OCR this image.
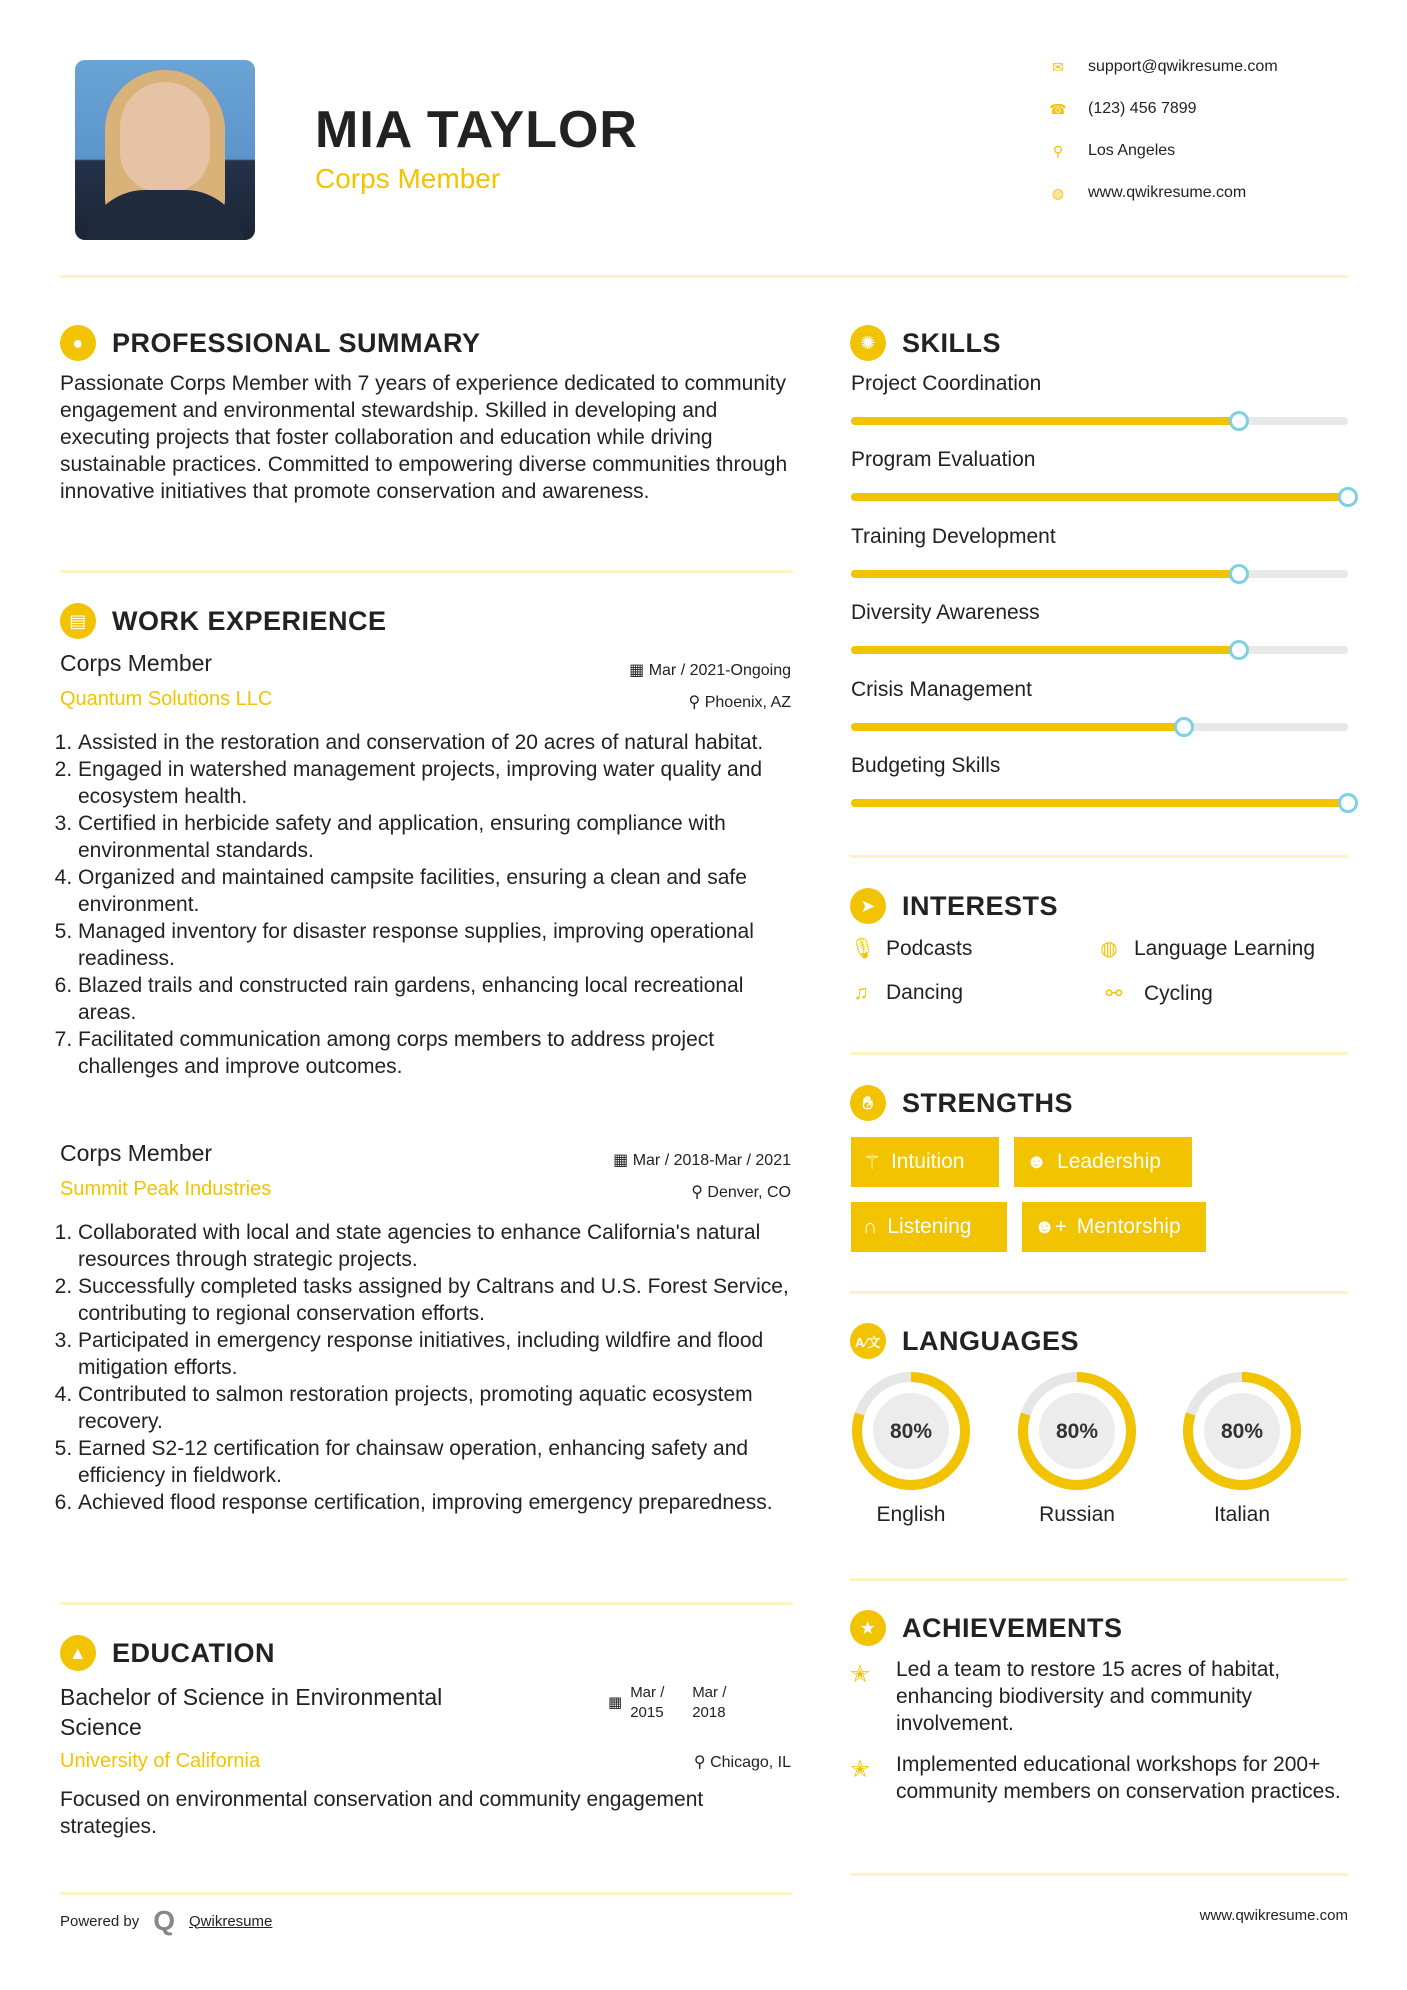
MIA TAYLOR
Corps Member
✉ support@qwikresume.com
☎ (123) 456 7899
⚲ Los Angeles
◍ www.qwikresume.com
●	PROFESSIONAL SUMMARY
Passionate Corps Member with 7 years of experience dedicated to community engagement and environmental stewardship. Skilled in developing and executing projects that foster collaboration and education while driving sustainable practices. Committed to empowering diverse communities through innovative initiatives that promote conservation and awareness.
▤ WORK EXPERIENCE
Corps Member	▦ Mar / 2021-Ongoing
Quantum Solutions LLC	⚲ Phoenix, AZ
1. Assisted in the restoration and conservation of 20 acres of natural habitat.
2. Engaged in watershed management projects, improving water quality and ecosystem health.
3. Certified in herbicide safety and application, ensuring compliance with environmental standards.
4. Organized and maintained campsite facilities, ensuring a clean and safe environment.
5. Managed inventory for disaster response supplies, improving operational readiness.
6. Blazed trails and constructed rain gardens, enhancing local recreational areas.
7. Facilitated communication among corps members to address project challenges and improve outcomes.
Corps Member	▦ Mar / 2018-Mar / 2021
Summit Peak Industries	⚲ Denver, CO
1. Collaborated with local and state agencies to enhance California's natural resources through strategic projects.
2. Successfully completed tasks assigned by Caltrans and U.S. Forest Service, contributing to regional conservation efforts.
3. Participated in emergency response initiatives, including wildfire and flood mitigation efforts.
4. Contributed to salmon restoration projects, promoting aquatic ecosystem recovery.
5. Earned S2-12 certification for chainsaw operation, enhancing safety and efficiency in fieldwork.
6. Achieved flood response certification, improving emergency preparedness.
▲ EDUCATION
Bachelor of Science in Environmental Science
▦
Mar / 2015
Mar / 2018
University of California	⚲ Chicago, IL
Focused on environmental conservation and community engagement strategies.
Powered by Q Qwikresume	www.qwikresume.com
✺ SKILLS
Project Coordination
Program Evaluation
Training Development
Diversity Awareness
Crisis Management
Budgeting Skills
➤ INTERESTS
🎙︎ Podcasts	◍ Language Learning
♫ Dancing	⚯	Cycling
✋︎	STRENGTHS
⚚ Intuition	☻ Leadership
∩ Listening	☻+ Mentorship
A⁄文 LANGUAGES
80%
English
80%
Russian
80%
Italian
★ ACHIEVEMENTS
✭ Led a team to restore 15 acres of habitat, enhancing biodiversity and community involvement.
✭ Implemented educational workshops for 200+ community members on conservation practices.
